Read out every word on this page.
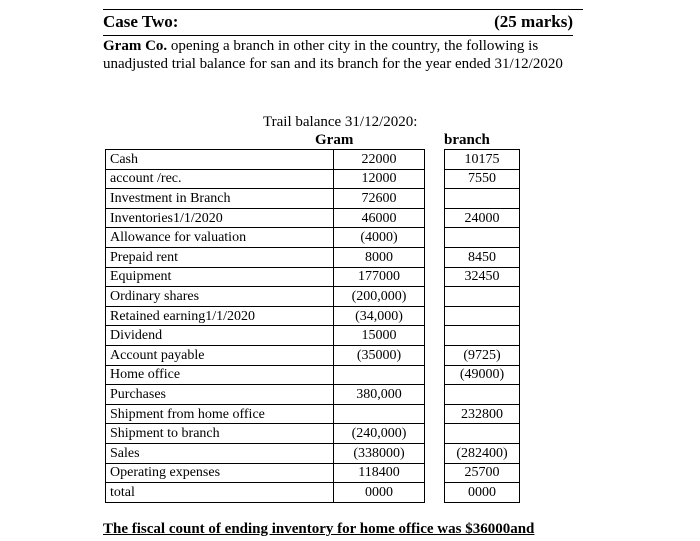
Case Two:	(25 marks)
Gram Co. opening a branch in other city in the country, the following is unadjusted trial balance for san and its branch for the year ended 31/12/2020
Trail balance 31/12/2020:
Gram	branch
Cash	22000		10175
account /rec.	12000		7550
Investment in Branch	72600		
Inventories1/1/2020	46000		24000
Allowance for valuation	(4000)		
Prepaid rent	8000		8450
Equipment	177000		32450
Ordinary shares	(200,000)		
Retained earning1/1/2020	(34,000)		
Dividend	15000		
Account payable	(35000)		(9725)
Home office			(49000)
Purchases	380,000		
Shipment from home office			232800
Shipment to branch	(240,000)		
Sales	(338000)		(282400)
Operating expenses	118400		25700
total	0000		0000
The fiscal count of ending inventory for home office was $36000and
